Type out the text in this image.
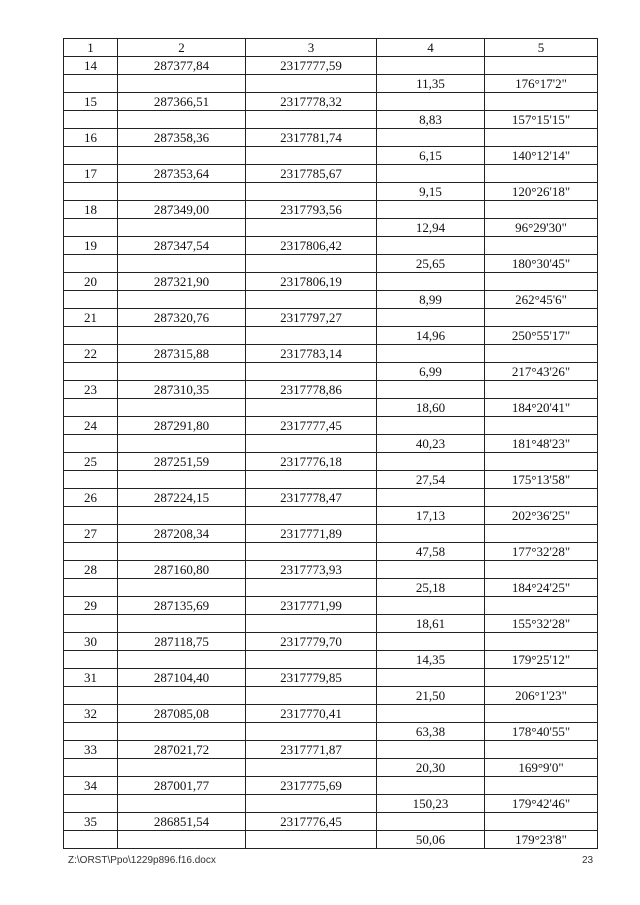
1	2	3	4	5
14	287377,84	2317777,59		
			11,35	176°17'2"
15	287366,51	2317778,32		
			8,83	157°15'15"
16	287358,36	2317781,74		
			6,15	140°12'14"
17	287353,64	2317785,67		
			9,15	120°26'18"
18	287349,00	2317793,56		
			12,94	96°29'30"
19	287347,54	2317806,42		
			25,65	180°30'45"
20	287321,90	2317806,19		
			8,99	262°45'6"
21	287320,76	2317797,27		
			14,96	250°55'17"
22	287315,88	2317783,14		
			6,99	217°43'26"
23	287310,35	2317778,86		
			18,60	184°20'41"
24	287291,80	2317777,45		
			40,23	181°48'23"
25	287251,59	2317776,18		
			27,54	175°13'58"
26	287224,15	2317778,47		
			17,13	202°36'25"
27	287208,34	2317771,89		
			47,58	177°32'28"
28	287160,80	2317773,93		
			25,18	184°24'25"
29	287135,69	2317771,99		
			18,61	155°32'28"
30	287118,75	2317779,70		
			14,35	179°25'12"
31	287104,40	2317779,85		
			21,50	206°1'23"
32	287085,08	2317770,41		
			63,38	178°40'55"
33	287021,72	2317771,87		
			20,30	169°9'0"
34	287001,77	2317775,69		
			150,23	179°42'46"
35	286851,54	2317776,45		
			50,06	179°23'8"
Z:\ORST\Ppo\1229p896.f16.docx	23
